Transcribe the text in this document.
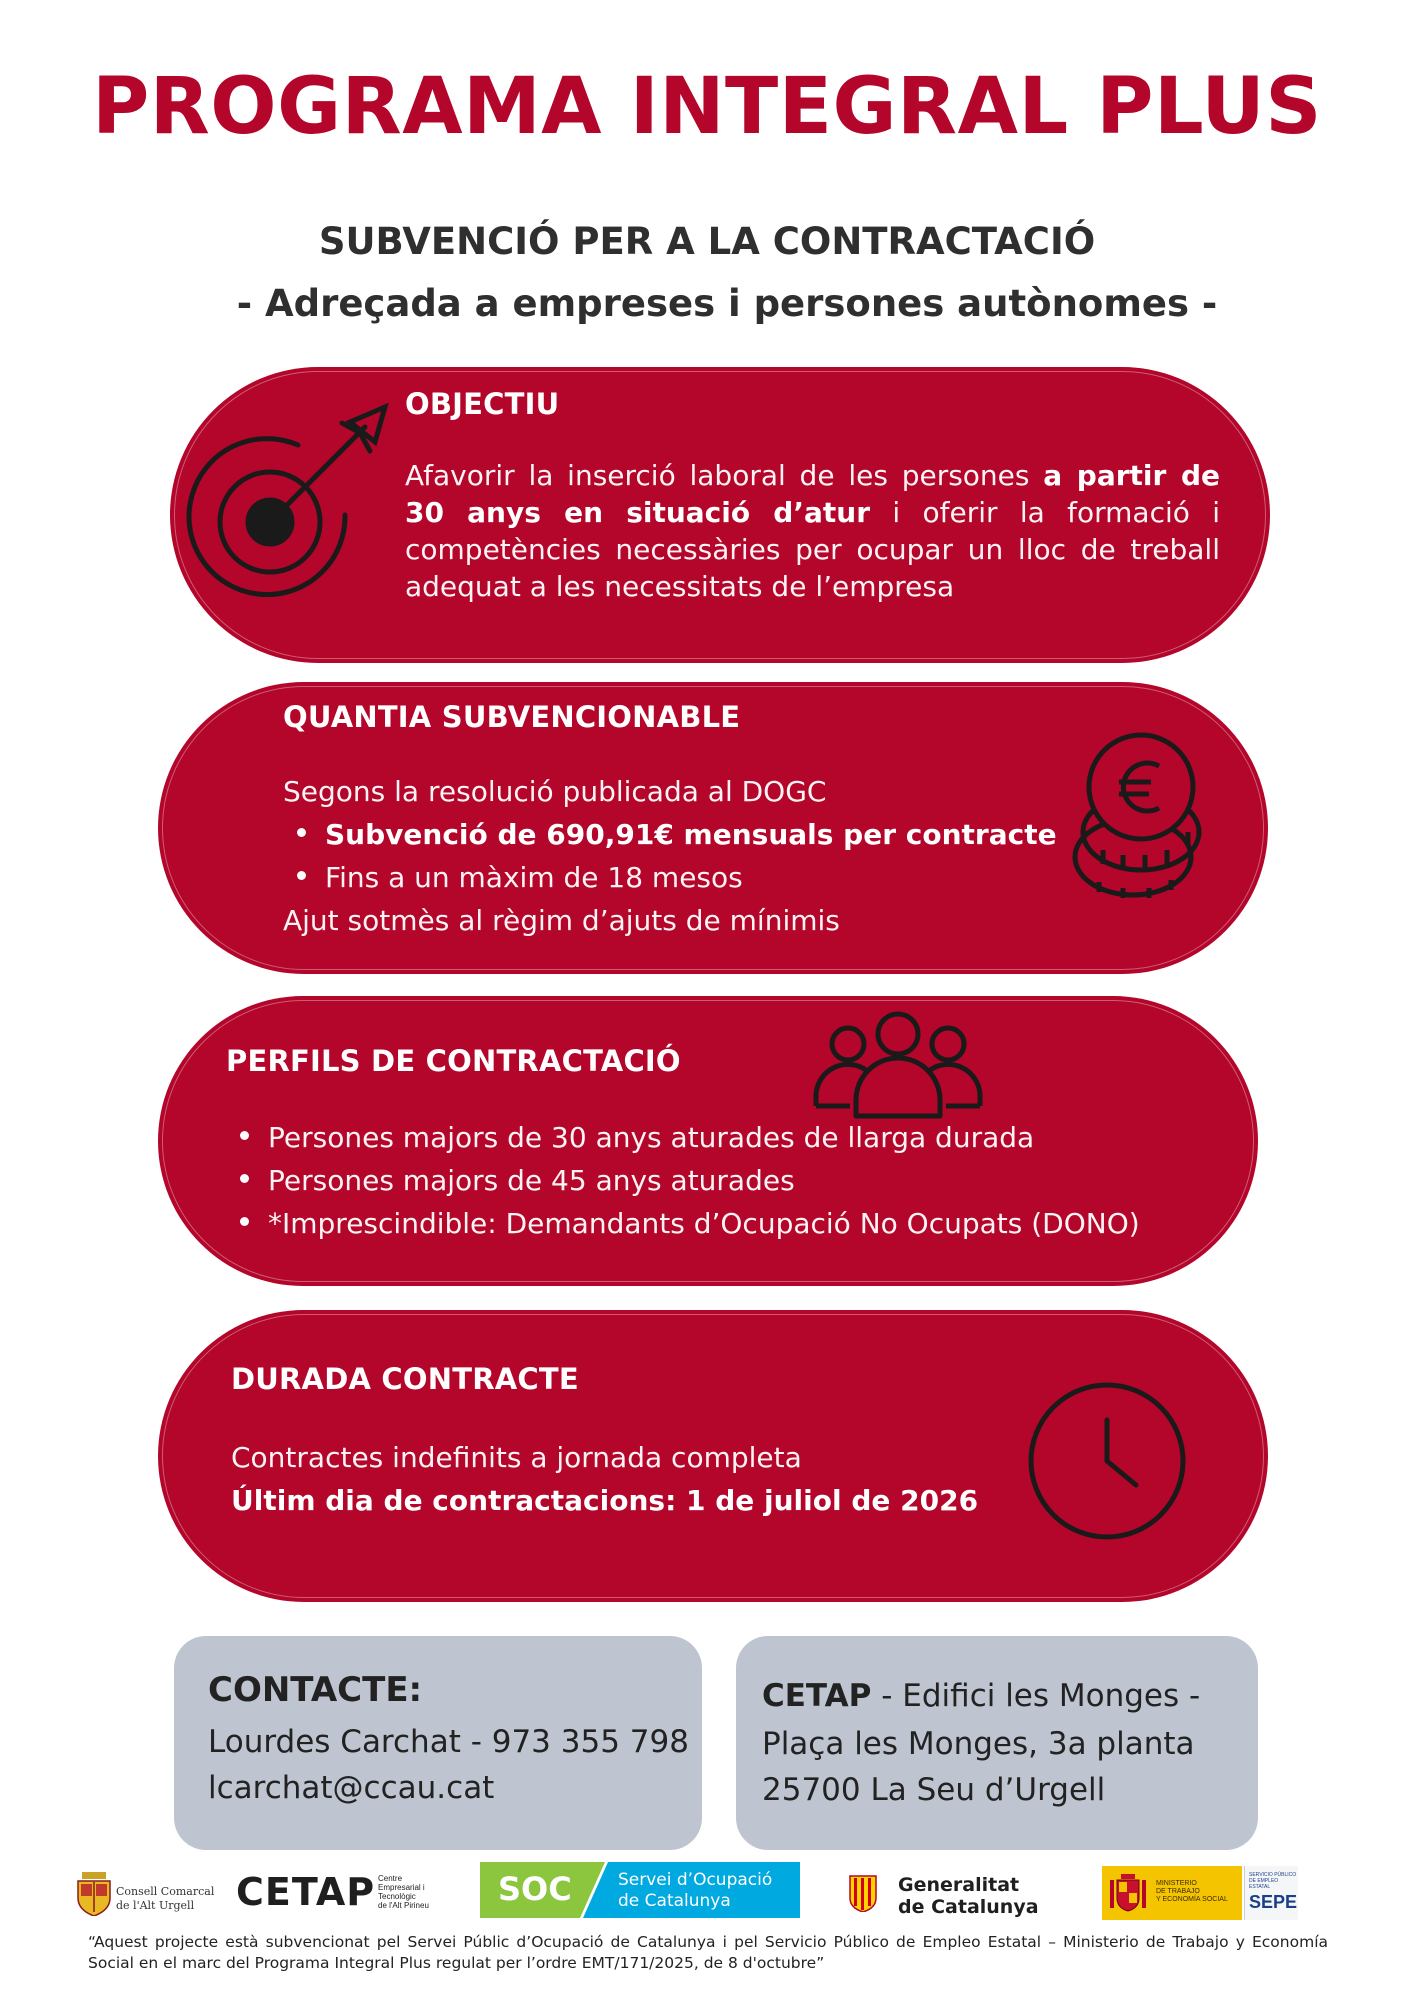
PROGRAMA INTEGRAL PLUS
SUBVENCIÓ PER A LA CONTRACTACIÓ
- Adreçada a empreses i persones autònomes -
OBJECTIU
Afavorir la inserció laboral de les persones a partir de 30 anys en situació d’atur i oferir la formació i competències necessàries per ocupar un lloc de treball adequat a les necessitats de l’empresa
QUANTIA SUBVENCIONABLE
Segons la resolució publicada al DOGC
Subvenció de 690,91€ mensuals per contracte
Fins a un màxim de 18 mesos
Ajut sotmès al règim d’ajuts de mínimis
PERFILS DE CONTRACTACIÓ
Persones majors de 30 anys aturades de llarga durada
Persones majors de 45 anys aturades
*Imprescindible: Demandants d’Ocupació No Ocupats (DONO)
DURADA CONTRACTE
Contractes indefinits a jornada completa
Últim dia de contractacions: 1 de juliol de 2026
CONTACTE:
Lourdes Carchat - 973 355 798
lcarchat@ccau.cat
CETAP - Edifici les Monges -
Plaça les Monges, 3a planta
25700 La Seu d’Urgell
Consell Comarcal
de l'Alt Urgell CETAP Centre
Empresarial i
Tecnològic
de l'Alt Pirineu SOC	Servei d’Ocupació
de Catalunya
Generalitat
de Catalunya
MINISTERIO
DE TRABAJO
Y ECONOMÍA SOCIAL
SERVICIO PÚBLICO
DE EMPLEO ESTATAL
SEPE
“Aquest projecte està subvencionat pel Servei Públic d’Ocupació de Catalunya i pel Servicio Público de Empleo Estatal – Ministerio de Trabajo y Economía Social en el marc del Programa Integral Plus regulat per l’ordre EMT/171/2025, de 8 d'octubre”
